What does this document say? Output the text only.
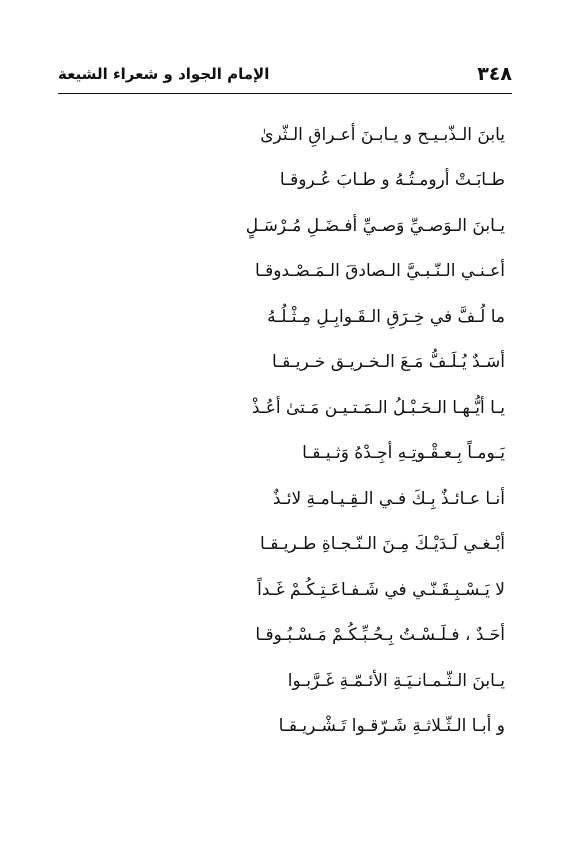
٣٤٨
الإمام الجواد و شعراء الشيعة
يابنَ الـذّبـيـح و يـابـنَ أعـراقِ الـثّرىٰ
طـابَـتْ أرومـتُـهُ و طـابَ عُـروقـا
يـابنَ الـوَصـيِّ وَصـيِّ أفـضَـلِ مُـرْسَـلٍ
أعـنـي الـنّـبـيَّ الـصادقَ الـمَـصْـدوقـا
ما لُـفَّ في خِـرَقِ الـقَـوابِـلِ مِـثْـلُـهُ
أسَـدٌ يُـلَـفُّ مَـعَ الـخـريـق خـريـقـا
يـا أيُّـهـا الـحَـبْـلُ الـمَـتـيـن مَـتىٰ أعُـذْ
يَـومـاً بِـعـقْـوتِـهِ أجِـدْهُ وَثـيـقـا
أنـا عـائـذٌ بِـكَ فـي الـقِـيـامـةِ لائـذٌ
أبْـغـي لَـدَيْـكَ مِـنَ الـنّـجـاةِ طـريـقـا
لا يَـسْـبِـقَـنّـي في شَـفـاعَـتِـكُـمْ غَـداً
أحَـدٌ ، فـلَـسْـتُ بِـحُـبِّـكُـمْ مَـسْـبُـوقـا
يـابنَ الـثّـمـانـيَـةِ الأئـمّـةِ غَـرَّبـوا
و أبـا الـثّـلاثـةِ شَـرّقـوا تَـشْـريـقـا
